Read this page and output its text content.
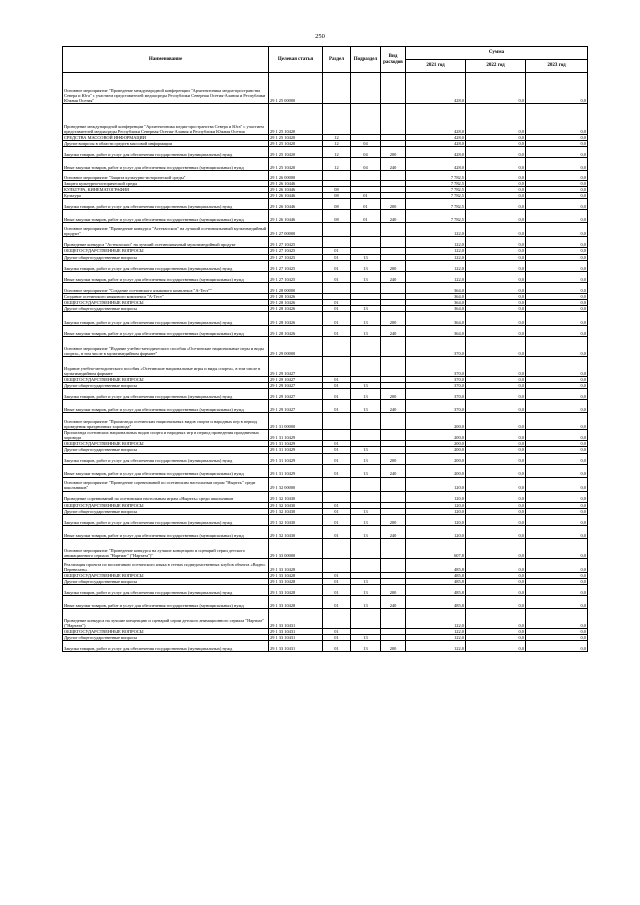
250
Наименование	Целевая статья	Раздел	Подраздел	Вид расходов	Сумма		
					2021 год	2022 год	2023 год
Основное мероприятие "Проведение международной конференции "Архитектоника медиа-пространства Севера и Юга" с участием представителей медиасреды Республики Северная Осетия-Алания и Республики Южная Осетия"	29 1 25 00000				428,0	0,0	0,0
Проведение международной конференции "Архитектоника медиа-пространства Севера и Юга" с участием представителей медиасреды Республики Северная Осетия-Алания и Республики Южная Осетия	29 1 25 10420				428,0	0,0	0,0
СРЕДСТВА МАССОВОЙ ИНФОРМАЦИИ	29 1 25 10420	12			428,0	0,0	0,0
Другие вопросы в области средств массовой информации	29 1 25 10420	12	04		428,0	0,0	0,0
Закупка товаров, работ и услуг для обеспечения государственных (муниципальных) нужд	29 1 25 10420	12	04	200	428,0	0,0	0,0
Иные закупки товаров, работ и услуг для обеспечения государственных (муниципальных) нужд	29 1 25 10420	12	04	240	428,0	0,0	0,0
Основное мероприятие "Защита культурно-исторической среды"	29 1 26 00000				7 782,5	0,0	0,0
Защита культурно-исторической среды	29 1 26 10446				7 782,5	0,0	0,0
КУЛЬТУРА, КИНЕМАТОГРАФИЯ	29 1 26 10446	08			7 782,5	0,0	0,0
Культура	29 1 26 10446	08	01		7 782,5	0,0	0,0
Закупка товаров, работ и услуг для обеспечения государственных (муниципальных) нужд	29 1 26 10446	08	01	200	7 782,5	0,0	0,0
Иные закупки товаров, работ и услуг для обеспечения государственных (муниципальных) нужд	29 1 26 10446	08	01	240	7 782,5	0,0	0,0
Основное мероприятие "Проведение конкурса "Астекзоскоп" на лучший осетиноязычный мультимедийный продукт"	29 1 27 00000				122,0	0,0	0,0
Проведение конкурса "Астекзоскоп" на лучший осетиноязычный мультимедийный продукт	29 1 27 10425				122,0	0,0	0,0
ОБЩЕГОСУДАРСТВЕННЫЕ ВОПРОСЫ	29 1 27 10425	01			122,0	0,0	0,0
Другие общегосударственные вопросы	29 1 27 10425	01	13		122,0	0,0	0,0
Закупка товаров, работ и услуг для обеспечения государственных (муниципальных) нужд	29 1 27 10425	01	13	200	122,0	0,0	0,0
Иные закупки товаров, работ и услуг для обеспечения государственных (муниципальных) нужд	29 1 27 10425	01	13	240	122,0	0,0	0,0
Основное мероприятие "Создание осетинского языкового комплекса "A-Тест""	29 1 28 00000				364,0	0,0	0,0
Создание осетинского языкового комплекса "A-Тест"	29 1 28 10426				364,0	0,0	0,0
ОБЩЕГОСУДАРСТВЕННЫЕ ВОПРОСЫ	29 1 28 10426	01			364,0	0,0	0,0
Другие общегосударственные вопросы	29 1 28 10426	01	13		364,0	0,0	0,0
Закупка товаров, работ и услуг для обеспечения государственных (муниципальных) нужд	29 1 28 10426	01	13	200	364,0	0,0	0,0
Иные закупки товаров, работ и услуг для обеспечения государственных (муниципальных) нужд	29 1 28 10426	01	13	240	364,0	0,0	0,0
Основное мероприятие "Издание учебно-методического пособия «Осетинские национальные игры и виды спорта», в том числе в мультимедийном формате"	29 1 29 00000				370,0	0,0	0,0
Издание учебно-методического пособия «Осетинские национальные игры и виды спорта», в том числе в мультимедийном формате	29 1 29 10427				370,0	0,0	0,0
ОБЩЕГОСУДАРСТВЕННЫЕ ВОПРОСЫ	29 1 29 10427	01			370,0	0,0	0,0
Другие общегосударственные вопросы	29 1 29 10427	01	13		370,0	0,0	0,0
Закупка товаров, работ и услуг для обеспечения государственных (муниципальных) нужд	29 1 29 10427	01	13	200	370,0	0,0	0,0
Иные закупки товаров, работ и услуг для обеспечения государственных (муниципальных) нужд	29 1 29 10427	01	13	240	370,0	0,0	0,0
Основное мероприятие "Пропаганда осетинских национальных видов спорта и народных игр в период проведения праздничных хоровода"	29 1 31 00000				200,0	0,0	0,0
Пропаганда осетинских национальных видов спорта и народных игр в период проведения праздничных хоровода	29 1 31 10429				200,0	0,0	0,0
ОБЩЕГОСУДАРСТВЕННЫЕ ВОПРОСЫ	29 1 31 10429	01			200,0	0,0	0,0
Другие общегосударственные вопросы	29 1 31 10429	01	13		200,0	0,0	0,0
Закупка товаров, работ и услуг для обеспечения государственных (муниципальных) нужд	29 1 31 10429	01	13	200	200,0	0,0	0,0
Иные закупки товаров, работ и услуг для обеспечения государственных (муниципальных) нужд	29 1 31 10429	01	13	240	200,0	0,0	0,0
Основное мероприятие "Проведение соревнований по осетинским настольным играм "Ныртхъ" среди школьников"	29 1 32 00000				120,0	0,0	0,0
Проведение соревнований по осетинским настольным играм «Ныртхъ» среди школьников	29 1 32 10430				120,0	0,0	0,0
ОБЩЕГОСУДАРСТВЕННЫЕ ВОПРОСЫ	29 1 32 10430	01			120,0	0,0	0,0
Другие общегосударственные вопросы	29 1 32 10430	01	13		120,0	0,0	0,0
Закупка товаров, работ и услуг для обеспечения государственных (муниципальных) нужд	29 1 32 10430	01	13	200	120,0	0,0	0,0
Иные закупки товаров, работ и услуг для обеспечения государственных (муниципальных) нужд	29 1 32 10430	01	13	240	120,0	0,0	0,0
Основное мероприятие "Проведение конкурса на лучшие концепцию и сценарий серии детского анимационного сериала "Нартиаг" ("Нартата")"	29 1 33 00000				607,8	0,0	0,0
Реализация проекта по воспитанию осетинского языка в стенах подведомственных клубов объекта «Видно. Перевелать»	29 1 33 10428				485,8	0,0	0,0
ОБЩЕГОСУДАРСТВЕННЫЕ ВОПРОСЫ	29 1 33 10428	01			485,8	0,0	0,0
Другие общегосударственные вопросы	29 1 33 10428	01	13		485,8	0,0	0,0
Закупка товаров, работ и услуг для обеспечения государственных (муниципальных) нужд	29 1 33 10428	01	13	200	485,8	0,0	0,0
Иные закупки товаров, работ и услуг для обеспечения государственных (муниципальных) нужд	29 1 33 10428	01	13	240	485,8	0,0	0,0
Проведение конкурса на лучшие концепцию и сценарий серии детского анимационного сериала "Нартиаг" ("Нартата")	29 1 33 10431				122,0	0,0	0,0
ОБЩЕГОСУДАРСТВЕННЫЕ ВОПРОСЫ	29 1 33 10431	01			122,0	0,0	0,0
Другие общегосударственные вопросы	29 1 33 10431	01	13		122,0	0,0	0,0
Закупка товаров, работ и услуг для обеспечения государственных (муниципальных) нужд	29 1 33 10431	01	13	200	122,0	0,0	0,0
